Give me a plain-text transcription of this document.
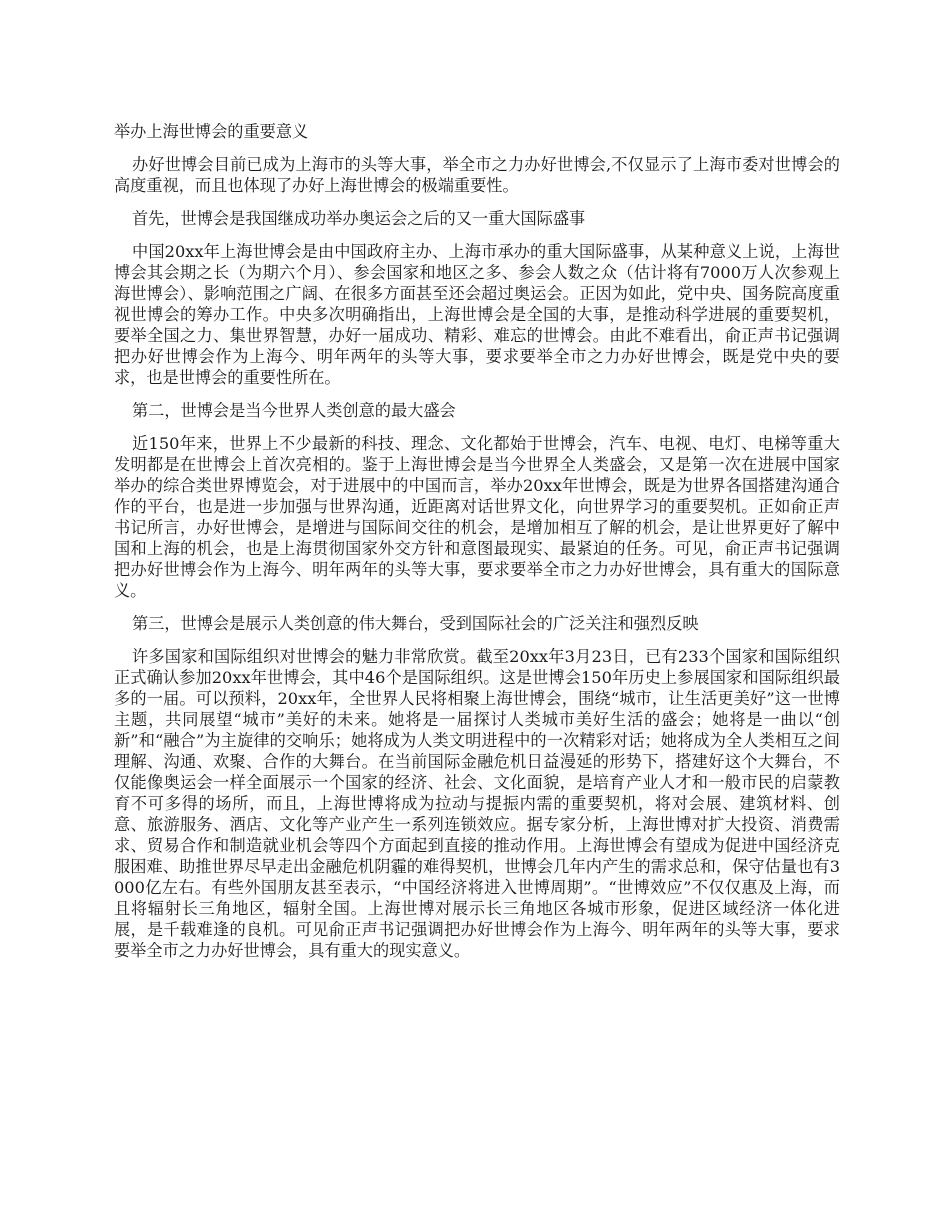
举办上海世博会的重要意义

办好世博会目前已成为上海市的头等大事，举全市之力办好世博会,不仅显示了上海市委对世博会的高度重视，而且也体现了办好上海世博会的极端重要性。

首先，世博会是我国继成功举办奥运会之后的又一重大国际盛事

中国20xx年上海世博会是由中国政府主办、上海市承办的重大国际盛事，从某种意义上说，上海世博会其会期之长（为期六个月）、参会国家和地区之多、参会人数之众（估计将有7000万人次参观上海世博会）、影响范围之广阔、在很多方面甚至还会超过奥运会。正因为如此，党中央、国务院高度重视世博会的筹办工作。中央多次明确指出，上海世博会是全国的大事，是推动科学进展的重要契机，要举全国之力、集世界智慧，办好一届成功、精彩、难忘的世博会。由此不难看出，俞正声书记强调把办好世博会作为上海今、明年两年的头等大事，要求要举全市之力办好世博会，既是党中央的要求，也是世博会的重要性所在。

第二，世博会是当今世界人类创意的最大盛会

近150年来，世界上不少最新的科技、理念、文化都始于世博会，汽车、电视、电灯、电梯等重大发明都是在世博会上首次亮相的。鉴于上海世博会是当今世界全人类盛会，又是第一次在进展中国家举办的综合类世界博览会，对于进展中的中国而言，举办20xx年世博会，既是为世界各国搭建沟通合作的平台，也是进一步加强与世界沟通，近距离对话世界文化，向世界学习的重要契机。正如俞正声书记所言，办好世博会，是增进与国际间交往的机会，是增加相互了解的机会，是让世界更好了解中国和上海的机会，也是上海贯彻国家外交方针和意图最现实、最紧迫的任务。可见，俞正声书记强调把办好世博会作为上海今、明年两年的头等大事，要求要举全市之力办好世博会，具有重大的国际意义。

第三，世博会是展示人类创意的伟大舞台，受到国际社会的广泛关注和强烈反映

许多国家和国际组织对世博会的魅力非常欣赏。截至20xx年3月23日，已有233个国家和国际组织正式确认参加20xx年世博会，其中46个是国际组织。这是世博会150年历史上参展国家和国际组织最多的一届。可以预料，20xx年，全世界人民将相聚上海世博会，围绕“城市，让生活更美好”这一世博主题，共同展望“城市”美好的未来。她将是一届探讨人类城市美好生活的盛会；她将是一曲以“创新”和“融合”为主旋律的交响乐；她将成为人类文明进程中的一次精彩对话；她将成为全人类相互之间理解、沟通、欢聚、合作的大舞台。在当前国际金融危机日益漫延的形势下，搭建好这个大舞台，不仅能像奥运会一样全面展示一个国家的经济、社会、文化面貌，是培育产业人才和一般市民的启蒙教育不可多得的场所，而且，上海世博将成为拉动与提振内需的重要契机，将对会展、建筑材料、创意、旅游服务、酒店、文化等产业产生一系列连锁效应。据专家分析，上海世博对扩大投资、消费需求、贸易合作和制造就业机会等四个方面起到直接的推动作用。上海世博会有望成为促进中国经济克服困难、助推世界尽早走出金融危机阴霾的难得契机，世博会几年内产生的需求总和，保守估量也有3000亿左右。有些外国朋友甚至表示，“中国经济将进入世博周期”。“世博效应”不仅仅惠及上海，而且将辐射长三角地区，辐射全国。上海世博对展示长三角地区各城市形象，促进区域经济一体化进展，是千载难逢的良机。可见俞正声书记强调把办好世博会作为上海今、明年两年的头等大事，要求要举全市之力办好世博会，具有重大的现实意义。
